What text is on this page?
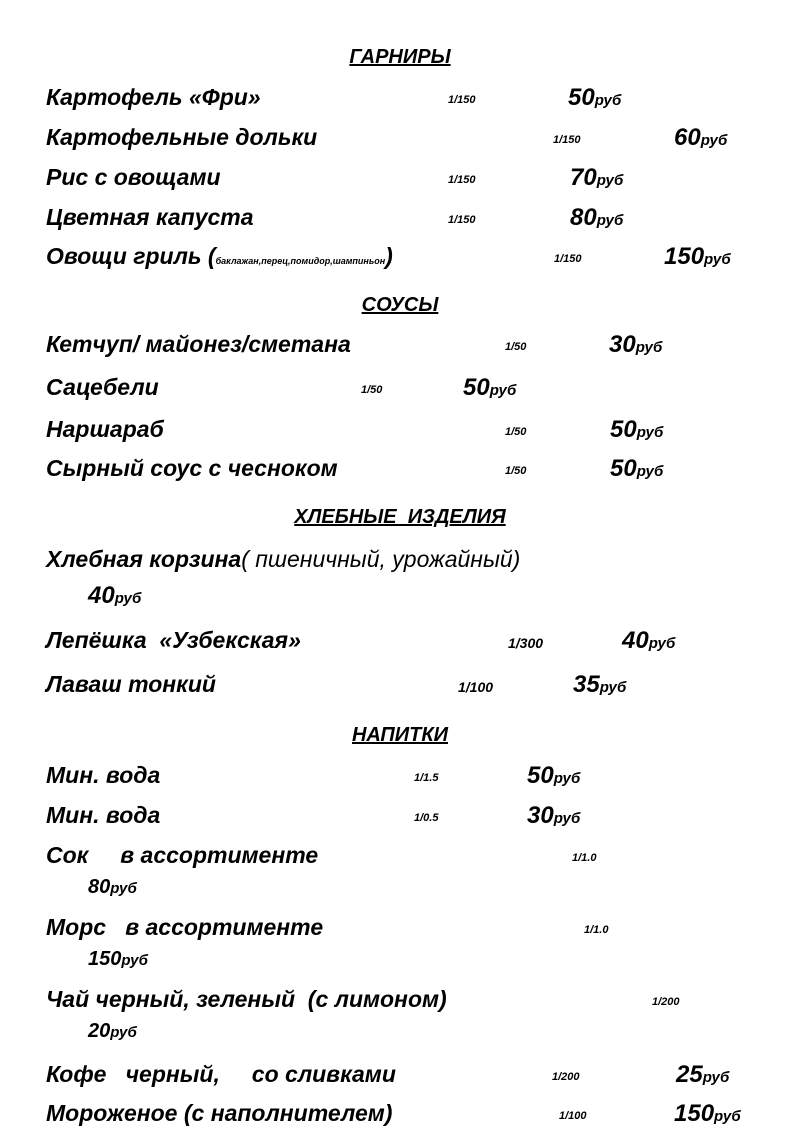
ГАРНИРЫ
Картофель «Фри»	1/150	50руб
Картофельные дольки	1/150	60руб
Рис с овощами	1/150	70руб
Цветная капуста	1/150	80руб
Овощи гриль (баклажан,перец,помидор,шампиньон)	1/150	150руб
СОУСЫ
Кетчуп/ майонез/сметана	1/50	30руб
Сацебели	1/50	50руб
Наршараб	1/50	50руб
Сырный соус с чесноком	1/50	50руб
ХЛЕБНЫЕ  ИЗДЕЛИЯ
Хлебная корзина( пшеничный, урожайный)
40руб
Лепёшка  «Узбекская»	1/300	40руб
Лаваш тонкий	1/100	35руб
НАПИТКИ
Мин. вода	1/1.5	50руб
Мин. вода	1/0.5	30руб
Сок     в ассортименте	1/1.0
80руб
Морс   в ассортименте	1/1.0
150руб
Чай черный, зеленый  (с лимоном)	1/200
20руб
Кофе   черный,     со сливками	1/200	25руб
Мороженое (с наполнителем)	1/100	150руб
